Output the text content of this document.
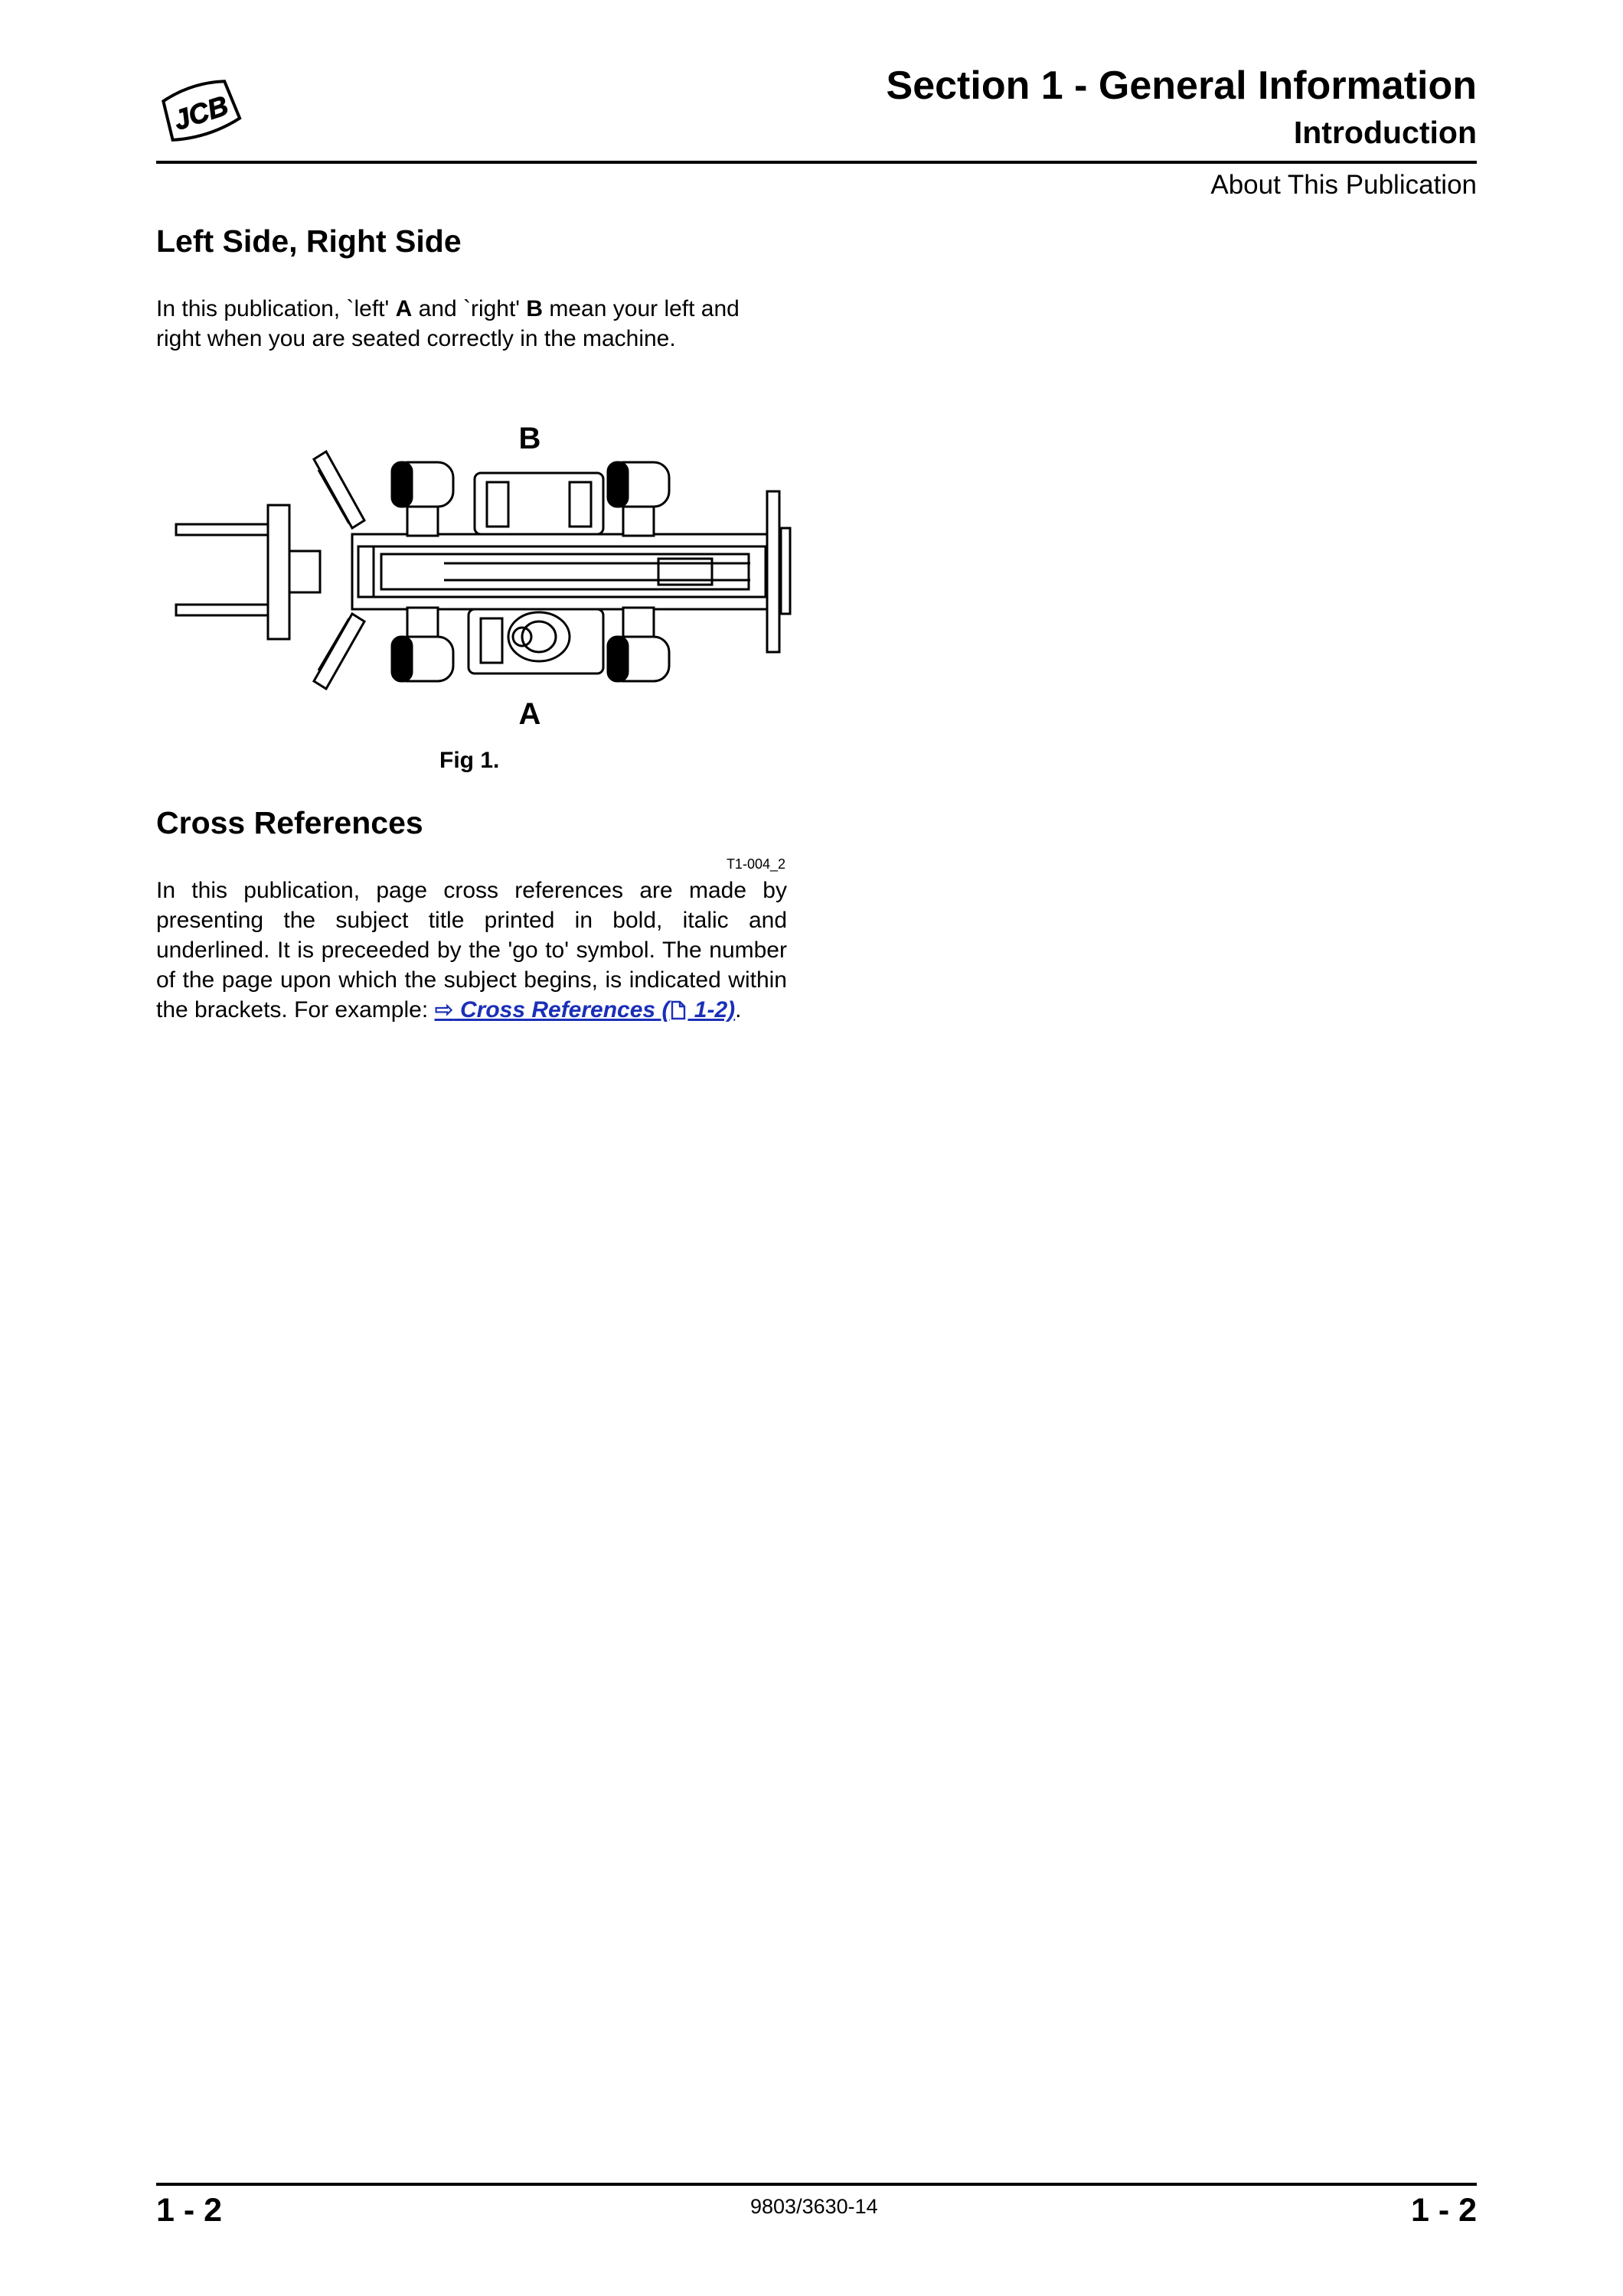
JCB
Section 1 - General Information
Introduction
About This Publication
Left Side, Right Side

In this publication, `left' A and `right' B mean your left and right when you are seated correctly in the machine.

B
A
Fig 1.
Cross References
T1-004_2

In this publication, page cross references are made by presenting the subject title printed in bold, italic and underlined. It is preceeded by the 'go to' symbol. The number of the page upon which the subject begins, is indicated within the brackets. For example: ⇨ Cross References ( 1-2).

1 - 2	9803/3630-14	1 - 2
